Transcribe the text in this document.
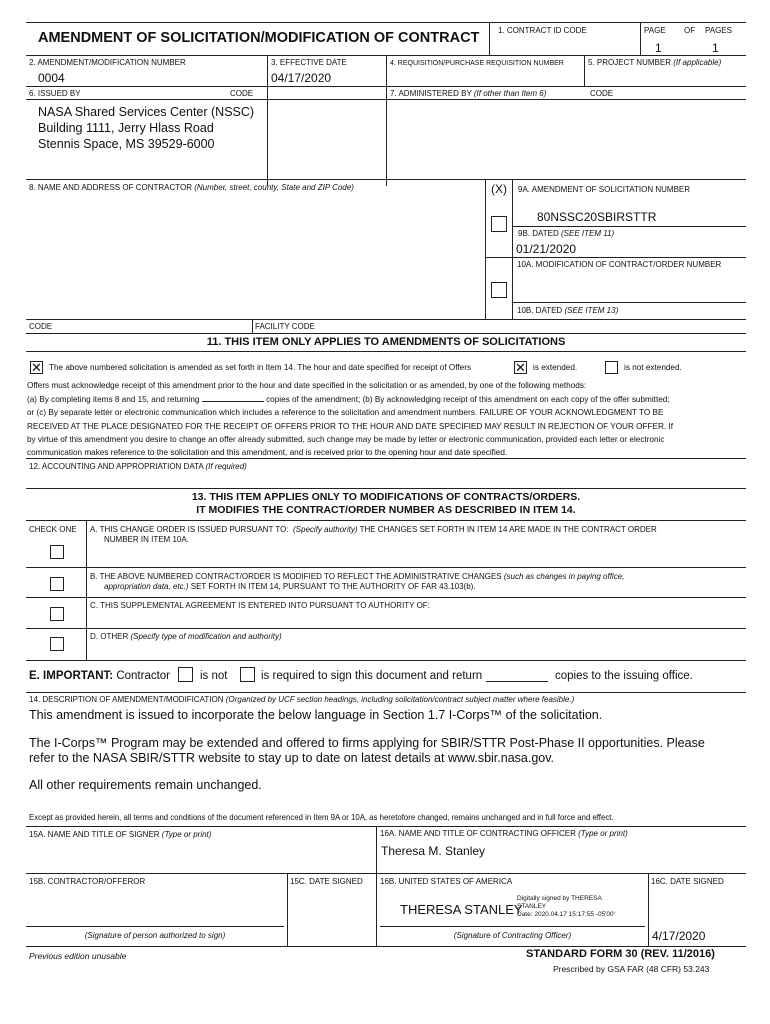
AMENDMENT OF SOLICITATION/MODIFICATION OF CONTRACT 1. CONTRACT ID CODE	PAGE OF PAGES
1	1
2. AMENDMENT/MODIFICATION NUMBER
0004
3. EFFECTIVE DATE
04/17/2020
4. REQUISITION/PURCHASE REQUISITION NUMBER	5. PROJECT NUMBER (If applicable)
6. ISSUED BY	CODE	7. ADMINISTERED BY (If other than Item 6)	CODE
NASA Shared Services Center (NSSC)
Building 1111, Jerry Hlass Road
Stennis Space, MS 39529-6000
8. NAME AND ADDRESS OF CONTRACTOR (Number, street, county, State and ZIP Code)	(X) 9A. AMENDMENT OF SOLICITATION NUMBER
80NSSC20SBIRSTTR
9B. DATED (SEE ITEM 11)
01/21/2020
10A. MODIFICATION OF CONTRACT/ORDER NUMBER
10B. DATED (SEE ITEM 13)
CODE	FACILITY CODE
11. THIS ITEM ONLY APPLIES TO AMENDMENTS OF SOLICITATIONS
✕ The above numbered solicitation is amended as set forth in Item 14. The hour and date specified for receipt of Offers	✕ is extended.	is not extended.
Offers must acknowledge receipt of this amendment prior to the hour and date specified in the solicitation or as amended, by one of the following methods:
(a) By completing items 8 and 15, and returning	copies of the amendment; (b) By acknowledging receipt of this amendment on each copy of the offer submitted;
or (c) By separate letter or electronic communication which includes a reference to the solicitation and amendment numbers. FAILURE OF YOUR ACKNOWLEDGMENT TO BE
RECEIVED AT THE PLACE DESIGNATED FOR THE RECEIPT OF OFFERS PRIOR TO THE HOUR AND DATE SPECIFIED MAY RESULT IN REJECTION OF YOUR OFFER. If
by virtue of this amendment you desire to change an offer already submitted, such change may be made by letter or electronic communication, provided each letter or electronic
communication makes reference to the solicitation and this amendment, and is received prior to the opening hour and date specified.
12. ACCOUNTING AND APPROPRIATION DATA (If required)
13. THIS ITEM APPLIES ONLY TO MODIFICATIONS OF CONTRACTS/ORDERS.
IT MODIFIES THE CONTRACT/ORDER NUMBER AS DESCRIBED IN ITEM 14.
CHECK ONE A. THIS CHANGE ORDER IS ISSUED PURSUANT TO: (Specify authority) THE CHANGES SET FORTH IN ITEM 14 ARE MADE IN THE CONTRACT ORDER
NUMBER IN ITEM 10A.
B. THE ABOVE NUMBERED CONTRACT/ORDER IS MODIFIED TO REFLECT THE ADMINISTRATIVE CHANGES (such as changes in paying office,
appropriation data, etc.) SET FORTH IN ITEM 14, PURSUANT TO THE AUTHORITY OF FAR 43.103(b).
C. THIS SUPPLEMENTAL AGREEMENT IS ENTERED INTO PURSUANT TO AUTHORITY OF:
D. OTHER (Specify type of modification and authority)
E. IMPORTANT: Contractor	is not	is required to sign this document and return	copies to the issuing office.
14. DESCRIPTION OF AMENDMENT/MODIFICATION (Organized by UCF section headings, including solicitation/contract subject matter where feasible.)
This amendment is issued to incorporate the below language in Section 1.7 I-Corps™ of the solicitation.
The I-Corps™ Program may be extended and offered to firms applying for SBIR/STTR Post-Phase II opportunities. Please
refer to the NASA SBIR/STTR website to stay up to date on latest details at www.sbir.nasa.gov.
All other requirements remain unchanged.
Except as provided herein, all terms and conditions of the document referenced in Item 9A or 10A, as heretofore changed, remains unchanged and in full force and effect.
15A. NAME AND TITLE OF SIGNER (Type or print)	16A. NAME AND TITLE OF CONTRACTING OFFICER (Type or print)
Theresa M. Stanley
15B. CONTRACTOR/OFFEROR	15C. DATE SIGNED 16B. UNITED STATES OF AMERICA	16C. DATE SIGNED
THERESA STANLEY
Digitally signed by THERESA
STANLEY
Date: 2020.04.17 15:17:55 -05'00'
(Signature of person authorized to sign)	(Signature of Contracting Officer)	4/17/2020
Previous edition unusable	STANDARD FORM 30 (REV. 11/2016)
Prescribed by GSA FAR (48 CFR) 53.243
